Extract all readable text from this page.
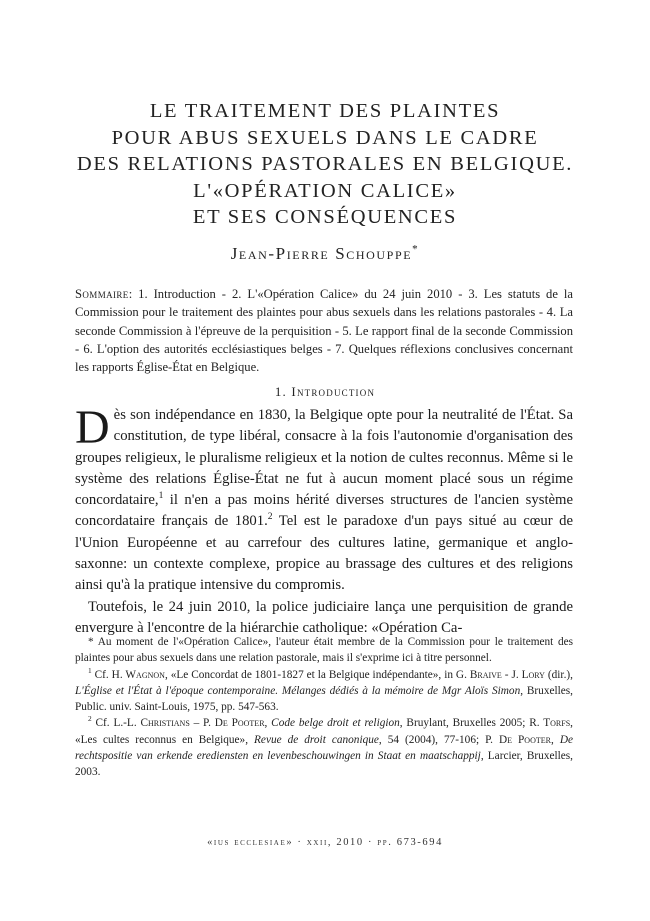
LE TRAITEMENT DES PLAINTES
POUR ABUS SEXUELS DANS LE CADRE
DES RELATIONS PASTORALES EN BELGIQUE.
L'«OPÉRATION CALICE»
ET SES CONSÉQUENCES
Jean-Pierre Schouppe*
Sommaire: 1. Introduction - 2. L'«Opération Calice» du 24 juin 2010 - 3. Les statuts de la Commission pour le traitement des plaintes pour abus sexuels dans les relations pastorales - 4. La seconde Commission à l'épreuve de la perquisition - 5. Le rapport final de la seconde Commission - 6. L'option des autorités ecclésiastiques belges - 7. Quelques réflexions conclusives concernant les rapports Église-État en Belgique.
1. Introduction

Dès son indépendance en 1830, la Belgique opte pour la neutralité de l'État. Sa constitution, de type libéral, consacre à la fois l'autonomie d'organisation des groupes religieux, le pluralisme religieux et la notion de cultes reconnus. Même si le système des relations Église-État ne fut à aucun moment placé sous un régime concordataire,$^1$ il n'en a pas moins hérité diverses structures de l'ancien système concordataire français de 1801.$^2$ Tel est le paradoxe d'un pays situé au cœur de l'Union Européenne et au carrefour des cultures latine, germanique et anglo-saxonne: un contexte complexe, propice au brassage des cultures et des religions ainsi qu'à la pratique intensive du compromis.

Toutefois, le 24 juin 2010, la police judiciaire lança une perquisition de grande envergure à l'encontre de la hiérarchie catholique: «Opération Ca-

* Au moment de l'«Opération Calice», l'auteur était membre de la Commission pour le traitement des plaintes pour abus sexuels dans une relation pastorale, mais il s'exprime ici à titre personnel.

$^1$ Cf. H. Wagnon, «Le Concordat de 1801-1827 et la Belgique indépendante», in G. Braive - J. Lory (dir.), L'Église et l'État à l'époque contemporaine. Mélanges dédiés à la mémoire de Mgr Aloïs Simon, Bruxelles, Public. univ. Saint-Louis, 1975, pp. 547-563.

$^2$ Cf. L.-L. Christians – P. De Pooter, Code belge droit et religion, Bruylant, Bruxelles 2005; R. Torfs, «Les cultes reconnus en Belgique», Revue de droit canonique, 54 (2004), 77-106; P. De Pooter, De rechtspositie van erkende erediensten en levenbeschouwingen in Staat en maatschappij, Larcier, Bruxelles, 2003.

«ius ecclesiae» · xxii, 2010 · pp. 673-694
